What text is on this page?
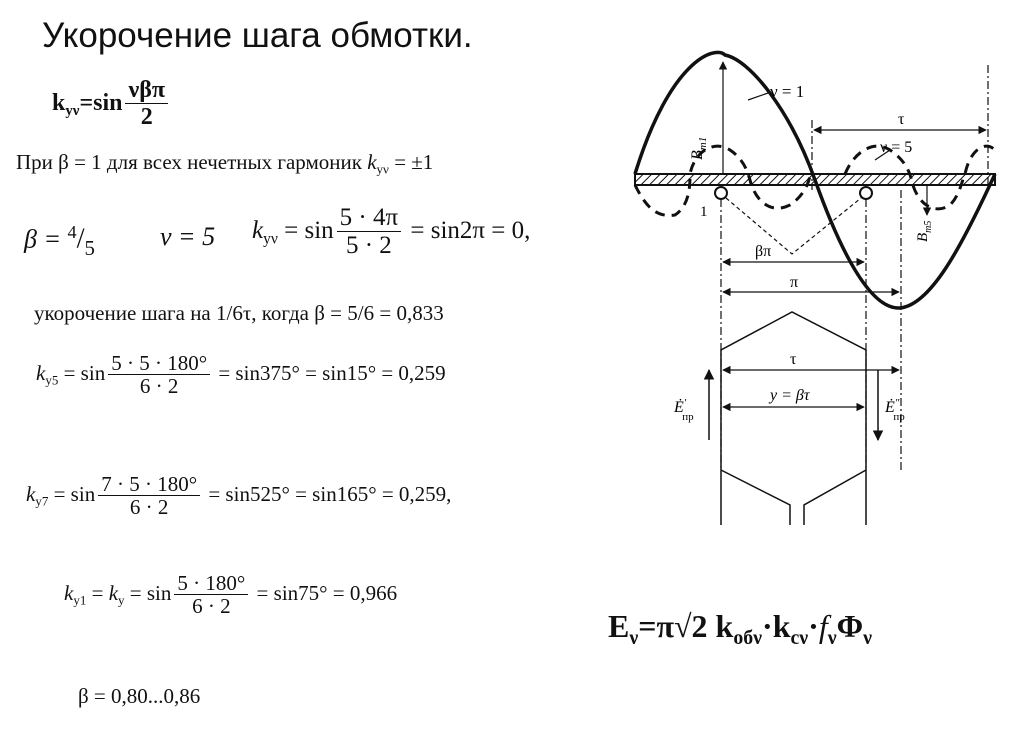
Укорочение шага обмотки.
$k_{y\nu}=\sin \frac{\text{νβπ}}{2}$
При β = 1 для всех нечетных гармоник $k_{y\nu} = \pm 1$
$\beta = ^4/_5$	ν = 5 $k_{y\nu} = \sin \frac{5 \cdot 4\pi}{5 \cdot 2} = \sin 2\pi = 0$,
укорочение шага на 1/6τ, когда β = 5/6 = 0,833
$k_{y5} = \sin \frac{5 \cdot 5 \cdot 180^\circ}{6 \cdot 2} = \sin 375^\circ = \sin 15^\circ = 0,259$
$k_{y7} = \sin \frac{7 \cdot 5 \cdot 180^\circ}{6 \cdot 2} = \sin 525^\circ = \sin 165^\circ = 0,259$,
$k_{y1} = k_y = \sin \frac{5 \cdot 180^\circ}{6 \cdot 2} = \sin 75^\circ = 0,966$
β = 0,80...0,86
$E_\nu=\pi√2$ $k_{об\nu}\cdot k_{c\nu}\cdot f_\nu\Phi_\nu$
$B_{m1}$
$B_{m5}$
ν = 1
τ
ν = 5
1
βπ
π
τ
y = βτ
Ė′ пр
Ė″ пр
